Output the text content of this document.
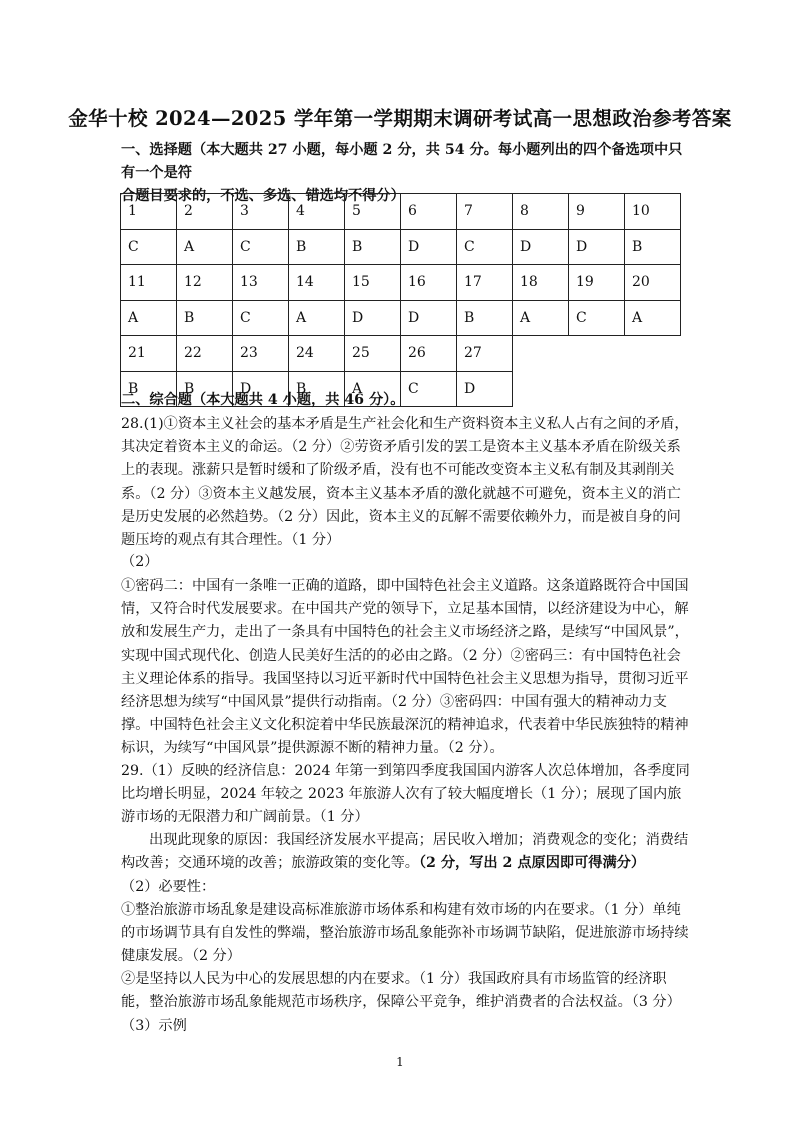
金华十校 2024—2025 学年第一学期期末调研考试高一思想政治参考答案
一、选择题（本大题共 27 小题，每小题 2 分，共 54 分。每小题列出的四个备选项中只有一个是符
合题目要求的，不选、多选、错选均不得分）
1	2	3	4	5	6	7	8	9	10
C	A	C	B	B	D	C	D	D	B
11	12	13	14	15	16	17	18	19	20
A	B	C	A	D	D	B	A	C	A
21	22	23	24	25	26	27			
B	B	D	B	A	C	D			
二、综合题（本大题共 4 小题，共 46 分）。
28.(1)①资本主义社会的基本矛盾是生产社会化和生产资料资本主义私人占有之间的矛盾，其决定着资本主义的命运。（2 分）②劳资矛盾引发的罢工是资本主义基本矛盾在阶级关系上的表现。涨薪只是暂时缓和了阶级矛盾，没有也不可能改变资本主义私有制及其剥削关系。（2 分）③资本主义越发展，资本主义基本矛盾的激化就越不可避免，资本主义的消亡是历史发展的必然趋势。（2 分）因此，资本主义的瓦解不需要依赖外力，而是被自身的问题压垮的观点有其合理性。（1 分）
（2）
①密码二：中国有一条唯一正确的道路，即中国特色社会主义道路。这条道路既符合中国国情，又符合时代发展要求。在中国共产党的领导下，立足基本国情，以经济建设为中心，解放和发展生产力，走出了一条具有中国特色的社会主义市场经济之路，是续写“中国风景”，实现中国式现代化、创造人民美好生活的的必由之路。（2 分）②密码三：有中国特色社会主义理论体系的指导。我国坚持以习近平新时代中国特色社会主义思想为指导，贯彻习近平经济思想为续写“中国风景”提供行动指南。（2 分）③密码四：中国有强大的精神动力支撑。中国特色社会主义文化积淀着中华民族最深沉的精神追求，代表着中华民族独特的精神标识，为续写“中国风景”提供源源不断的精神力量。（2 分）。
29.（1）反映的经济信息：2024 年第一到第四季度我国国内游客人次总体增加，各季度同比均增长明显，2024 年较之 2023 年旅游人次有了较大幅度增长（1 分）；展现了国内旅游市场的无限潜力和广阔前景。（1 分）
出现此现象的原因：我国经济发展水平提高；居民收入增加；消费观念的变化；消费结构改善；交通环境的改善；旅游政策的变化等。（2 分，写出 2 点原因即可得满分）
（2）必要性：
①整治旅游市场乱象是建设高标准旅游市场体系和构建有效市场的内在要求。（1 分）单纯的市场调节具有自发性的弊端，整治旅游市场乱象能弥补市场调节缺陷，促进旅游市场持续健康发展。（2 分）
②是坚持以人民为中心的发展思想的内在要求。（1 分）我国政府具有市场监管的经济职能，整治旅游市场乱象能规范市场秩序，保障公平竞争，维护消费者的合法权益。（3 分）
（3）示例
1
